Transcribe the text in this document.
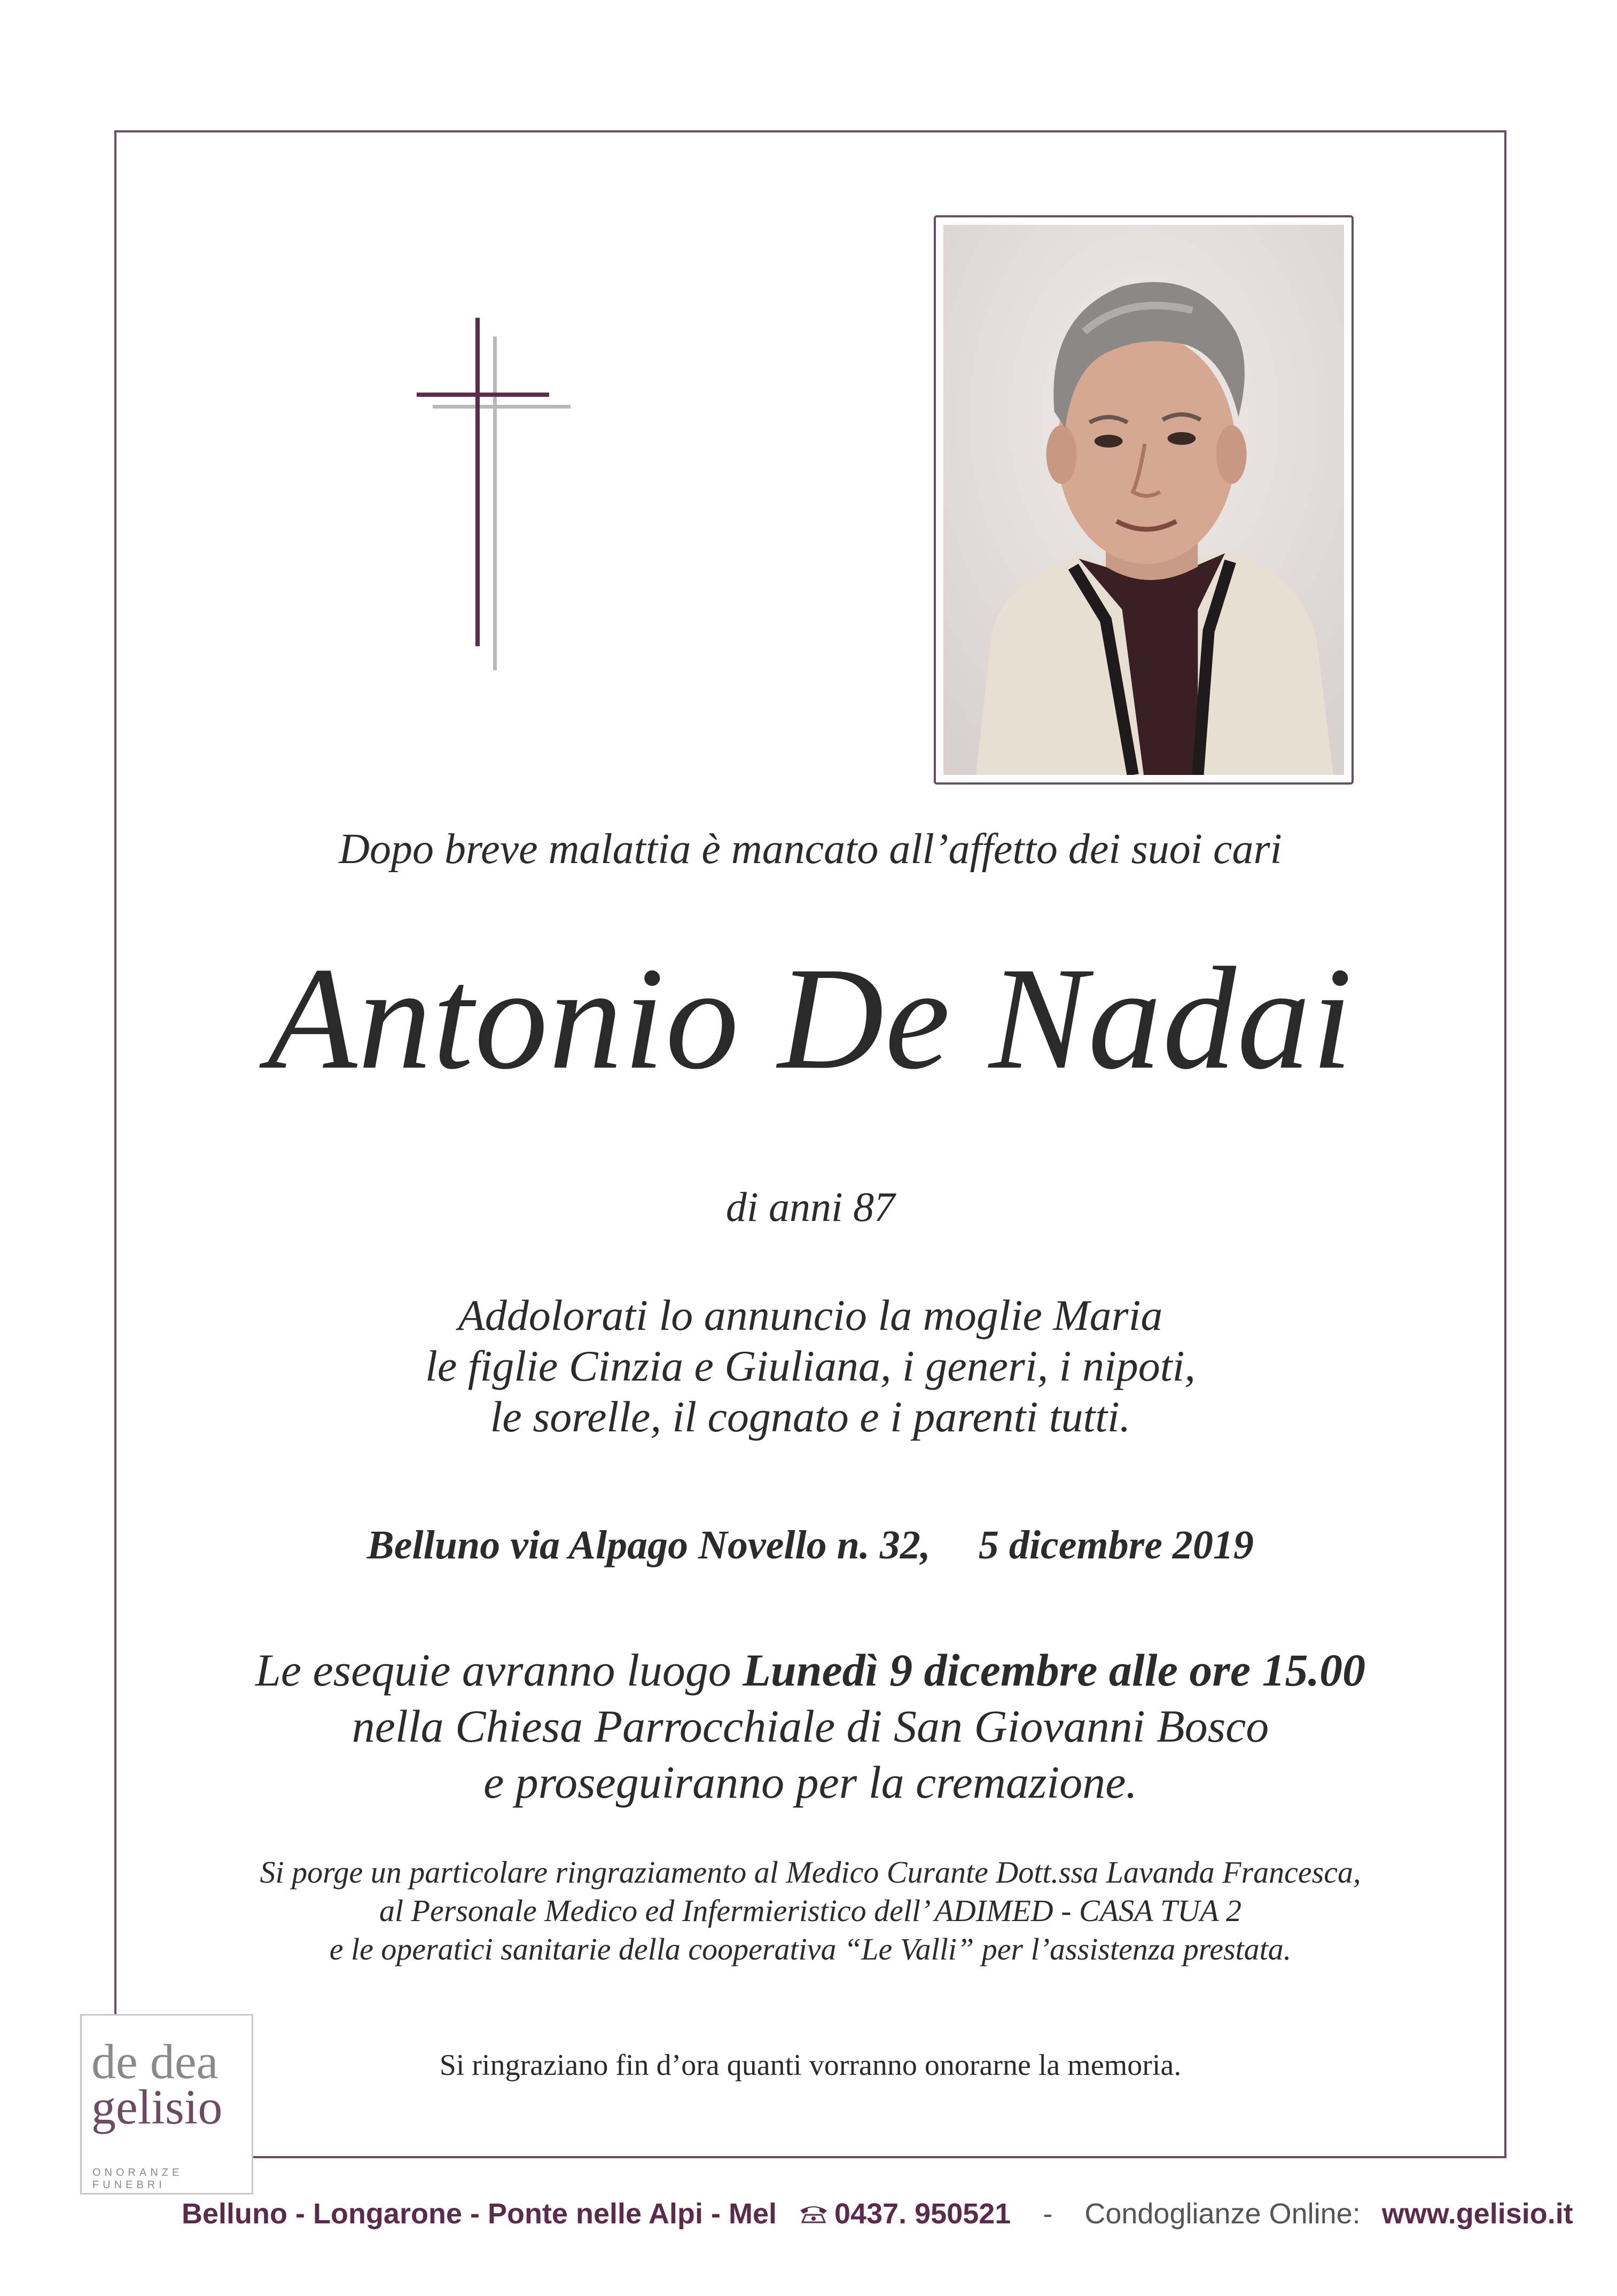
Dopo breve malattia è mancato all’affetto dei suoi cari
Antonio De Nadai
di anni 87
Addolorati lo annuncio la moglie Maria
le figlie Cinzia e Giuliana, i generi, i nipoti,
le sorelle, il cognato e i parenti tutti.
Belluno via Alpago Novello n. 32, 5 dicembre 2019
Le esequie avranno luogo Lunedì 9 dicembre alle ore 15.00
nella Chiesa Parrocchiale di San Giovanni Bosco
e proseguiranno per la cremazione.
Si porge un particolare ringraziamento al Medico Curante Dott.ssa Lavanda Francesca,
al Personale Medico ed Infermieristico dell’ ADIMED - CASA TUA 2
e le operatici sanitarie della cooperativa “Le Valli” per l’assistenza prestata.
Si ringraziano fin d’ora quanti vorranno onorarne la memoria.
de dea
gelisio
ONORANZE FUNEBRI
Belluno - Longarone - Ponte nelle Alpi - Mel 0437. 950521 - Condoglianze Online: www.gelisio.it
